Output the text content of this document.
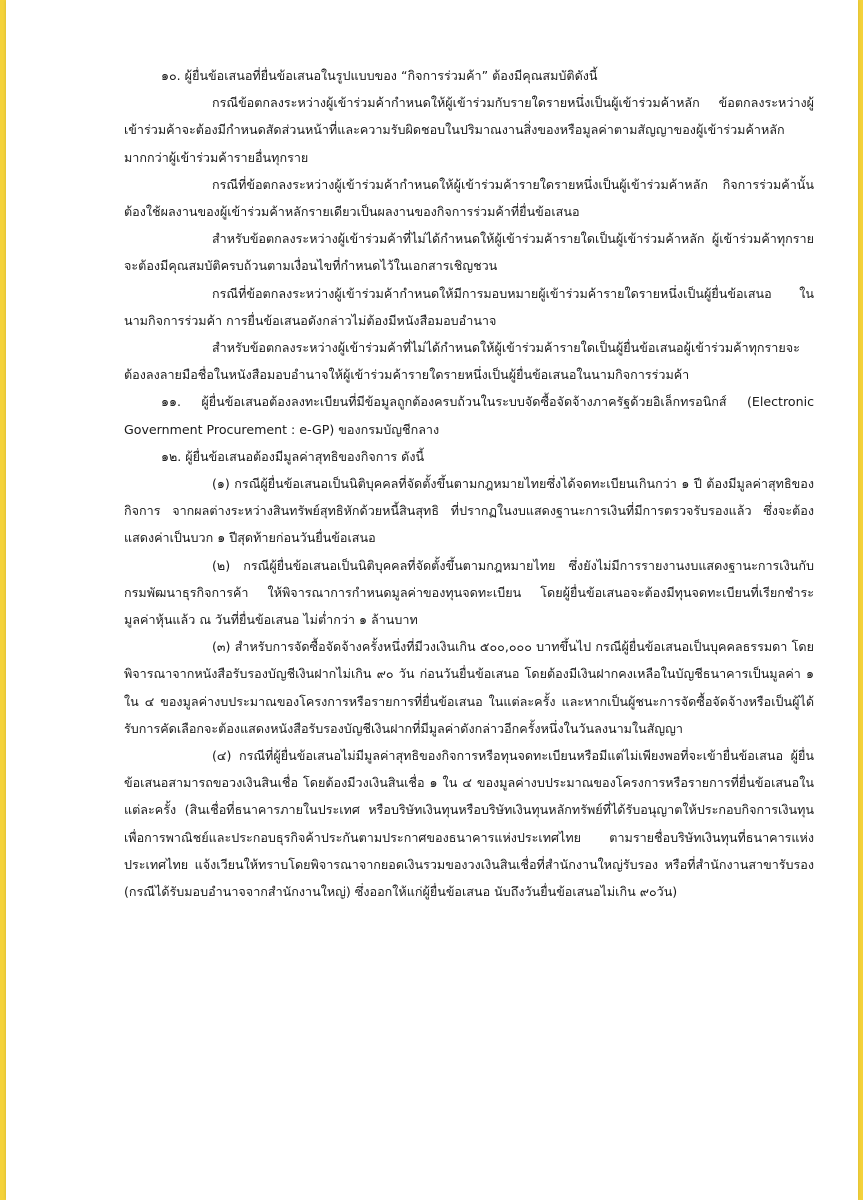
๑๐. ผู้ยื่นข้อเสนอที่ยื่นข้อเสนอในรูปแบบของ “กิจการร่วมค้า” ต้องมีคุณสมบัติดังนี้

กรณีข้อตกลงระหว่างผู้เข้าร่วมค้ากำหนดให้ผู้เข้าร่วมกับรายใดรายหนึ่งเป็นผู้เข้าร่วมค้าหลัก ข้อตกลงระหว่างผู้เข้าร่วมค้าจะต้องมีกำหนดสัดส่วนหน้าที่และความรับผิดชอบในปริมาณงานสิ่งของหรือมูลค่าตามสัญญาของผู้เข้าร่วมค้าหลักมากกว่าผู้เข้าร่วมค้ารายอื่นทุกราย

กรณีที่ข้อตกลงระหว่างผู้เข้าร่วมค้ากำหนดให้ผู้เข้าร่วมค้ารายใดรายหนึ่งเป็นผู้เข้าร่วมค้าหลัก กิจการร่วมค้านั้นต้องใช้ผลงานของผู้เข้าร่วมค้าหลักรายเดียวเป็นผลงานของกิจการร่วมค้าที่ยื่นข้อเสนอ

สำหรับข้อตกลงระหว่างผู้เข้าร่วมค้าที่ไม่ได้กำหนดให้ผู้เข้าร่วมค้ารายใดเป็นผู้เข้าร่วมค้าหลัก ผู้เข้าร่วมค้าทุกรายจะต้องมีคุณสมบัติครบถ้วนตามเงื่อนไขที่กำหนดไว้ในเอกสารเชิญชวน

กรณีที่ข้อตกลงระหว่างผู้เข้าร่วมค้ากำหนดให้มีการมอบหมายผู้เข้าร่วมค้ารายใดรายหนึ่งเป็นผู้ยื่นข้อเสนอ ในนามกิจการร่วมค้า การยื่นข้อเสนอดังกล่าวไม่ต้องมีหนังสือมอบอำนาจ

สำหรับข้อตกลงระหว่างผู้เข้าร่วมค้าที่ไม่ได้กำหนดให้ผู้เข้าร่วมค้ารายใดเป็นผู้ยื่นข้อเสนอผู้เข้าร่วมค้าทุกรายจะต้องลงลายมือชื่อในหนังสือมอบอำนาจให้ผู้เข้าร่วมค้ารายใดรายหนึ่งเป็นผู้ยื่นข้อเสนอในนามกิจการร่วมค้า

๑๑. ผู้ยื่นข้อเสนอต้องลงทะเบียนที่มีข้อมูลถูกต้องครบถ้วนในระบบจัดซื้อจัดจ้างภาครัฐด้วยอิเล็กทรอนิกส์ (Electronic Government Procurement : e-GP) ของกรมบัญชีกลาง

๑๒. ผู้ยื่นข้อเสนอต้องมีมูลค่าสุทธิของกิจการ ดังนี้

(๑) กรณีผู้ยื่นข้อเสนอเป็นนิติบุคคลที่จัดตั้งขึ้นตามกฎหมายไทยซึ่งได้จดทะเบียนเกินกว่า ๑ ปี ต้องมีมูลค่าสุทธิของกิจการ จากผลต่างระหว่างสินทรัพย์สุทธิหักด้วยหนี้สินสุทธิ ที่ปรากฏในงบแสดงฐานะการเงินที่มีการตรวจรับรองแล้ว ซึ่งจะต้องแสดงค่าเป็นบวก ๑ ปีสุดท้ายก่อนวันยื่นข้อเสนอ

(๒) กรณีผู้ยื่นข้อเสนอเป็นนิติบุคคลที่จัดตั้งขึ้นตามกฎหมายไทย ซึ่งยังไม่มีการรายงานงบแสดงฐานะการเงินกับกรมพัฒนาธุรกิจการค้า ให้พิจารณาการกำหนดมูลค่าของทุนจดทะเบียน โดยผู้ยื่นข้อเสนอจะต้องมีทุนจดทะเบียนที่เรียกชำระมูลค่าหุ้นแล้ว ณ วันที่ยื่นข้อเสนอ ไม่ต่ำกว่า ๑ ล้านบาท

(๓) สำหรับการจัดซื้อจัดจ้างครั้งหนึ่งที่มีวงเงินเกิน ๕๐๐,๐๐๐ บาทขึ้นไป กรณีผู้ยื่นข้อเสนอเป็นบุคคลธรรมดา โดยพิจารณาจากหนังสือรับรองบัญชีเงินฝากไม่เกิน ๙๐ วัน ก่อนวันยื่นข้อเสนอ โดยต้องมีเงินฝากคงเหลือในบัญชีธนาคารเป็นมูลค่า ๑ ใน ๔ ของมูลค่างบประมาณของโครงการหรือรายการที่ยื่นข้อเสนอ ในแต่ละครั้ง และหากเป็นผู้ชนะการจัดซื้อจัดจ้างหรือเป็นผู้ได้รับการคัดเลือกจะต้องแสดงหนังสือรับรองบัญชีเงินฝากที่มีมูลค่าดังกล่าวอีกครั้งหนึ่งในวันลงนามในสัญญา

(๔) กรณีที่ผู้ยื่นข้อเสนอไม่มีมูลค่าสุทธิของกิจการหรือทุนจดทะเบียนหรือมีแต่ไม่เพียงพอที่จะเข้ายื่นข้อเสนอ ผู้ยื่นข้อเสนอสามารถขอวงเงินสินเชื่อ โดยต้องมีวงเงินสินเชื่อ ๑ ใน ๔ ของมูลค่างบประมาณของโครงการหรือรายการที่ยื่นข้อเสนอในแต่ละครั้ง (สินเชื่อที่ธนาคารภายในประเทศ หรือบริษัทเงินทุนหรือบริษัทเงินทุนหลักทรัพย์ที่ได้รับอนุญาตให้ประกอบกิจการเงินทุนเพื่อการพาณิชย์และประกอบธุรกิจค้าประกันตามประกาศของธนาคารแห่งประเทศไทย ตามรายชื่อบริษัทเงินทุนที่ธนาคารแห่งประเทศไทย แจ้งเวียนให้ทราบโดยพิจารณาจากยอดเงินรวมของวงเงินสินเชื่อที่สำนักงานใหญ่รับรอง หรือที่สำนักงานสาขารับรอง (กรณีได้รับมอบอำนาจจากสำนักงานใหญ่) ซึ่งออกให้แก่ผู้ยื่นข้อเสนอ นับถึงวันยื่นข้อเสนอไม่เกิน ๙๐วัน)
